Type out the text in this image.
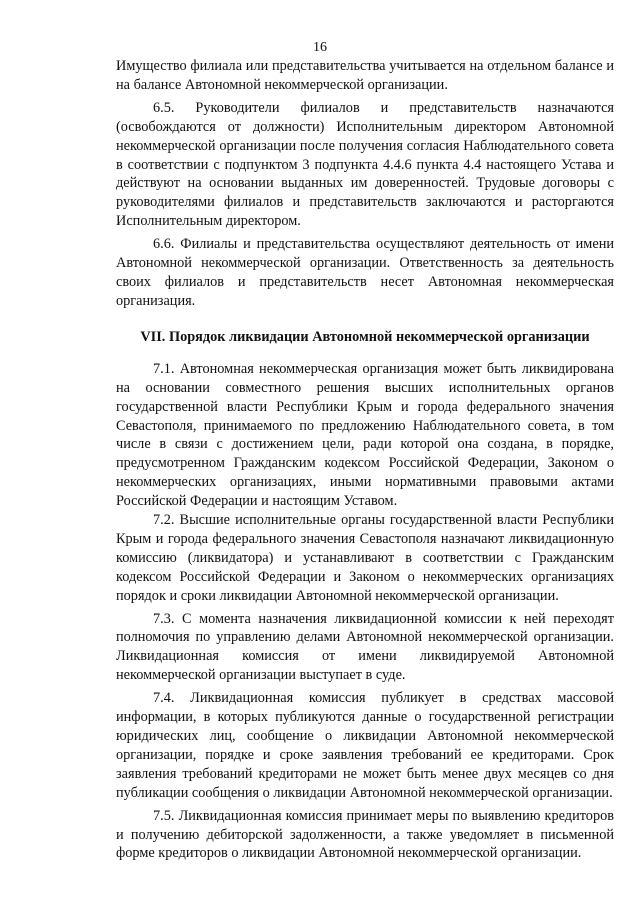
16

Имущество филиала или представительства учитывается на отдельном балансе и на балансе Автономной некоммерческой организации.

6.5. Руководители филиалов и представительств назначаются (освобождаются от должности) Исполнительным директором Автономной некоммерческой организации после получения согласия Наблюдательного совета в соответствии с подпунктом 3 подпункта 4.4.6 пункта 4.4 настоящего Устава и действуют на основании выданных им доверенностей. Трудовые договоры с руководителями филиалов и представительств заключаются и расторгаются Исполнительным директором.

6.6. Филиалы и представительства осуществляют деятельность от имени Автономной некоммерческой организации. Ответственность за деятельность своих филиалов и представительств несет Автономная некоммерческая организация.

VII. Порядок ликвидации Автономной некоммерческой организации

7.1. Автономная некоммерческая организация может быть ликвидирована на основании совместного решения высших исполнительных органов государственной власти Республики Крым и города федерального значения Севастополя, принимаемого по предложению Наблюдательного совета, в том числе в связи с достижением цели, ради которой она создана, в порядке, предусмотренном Гражданским кодексом Российской Федерации, Законом о некоммерческих организациях, иными нормативными правовыми актами Российской Федерации и настоящим Уставом.

7.2. Высшие исполнительные органы государственной власти Республики Крым и города федерального значения Севастополя назначают ликвидационную комиссию (ликвидатора) и устанавливают в соответствии с Гражданским кодексом Российской Федерации и Законом о некоммерческих организациях порядок и сроки ликвидации Автономной некоммерческой организации.

7.3. С момента назначения ликвидационной комиссии к ней переходят полномочия по управлению делами Автономной некоммерческой организации. Ликвидационная комиссия от имени ликвидируемой Автономной некоммерческой организации выступает в суде.

7.4. Ликвидационная комиссия публикует в средствах массовой информации, в которых публикуются данные о государственной регистрации юридических лиц, сообщение о ликвидации Автономной некоммерческой организации, порядке и сроке заявления требований ее кредиторами. Срок заявления требований кредиторами не может быть менее двух месяцев со дня публикации сообщения о ликвидации Автономной некоммерческой организации.

7.5. Ликвидационная комиссия принимает меры по выявлению кредиторов и получению дебиторской задолженности, а также уведомляет в письменной форме кредиторов о ликвидации Автономной некоммерческой организации.
